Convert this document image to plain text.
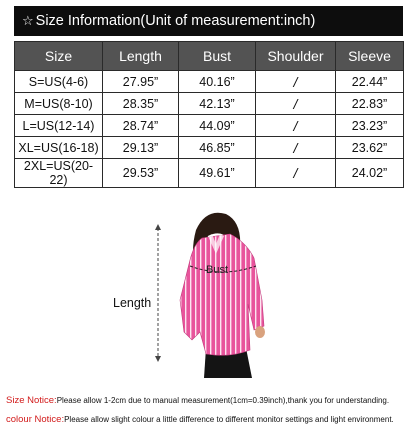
☆ Size Information(Unit of measurement:inch)
Size	Length	Bust	Shoulder	Sleeve
S=US(4-6)	27.95”	40.16”	/	22.44”
M=US(8-10)	28.35”	42.13”	/	22.83”
L=US(12-14)	28.74”	44.09”	/	23.23”
XL=US(16-18)	29.13”	46.85”	/	23.62”
2XL=US(20-22)	29.53”	49.61”	/	24.02”
Length
Bust
Size Notice:Please allow 1-2cm due to manual measurement(1cm=0.39inch),thank you for understanding.
colour Notice:Please allow slight colour a little difference to different monitor settings and light environment.
